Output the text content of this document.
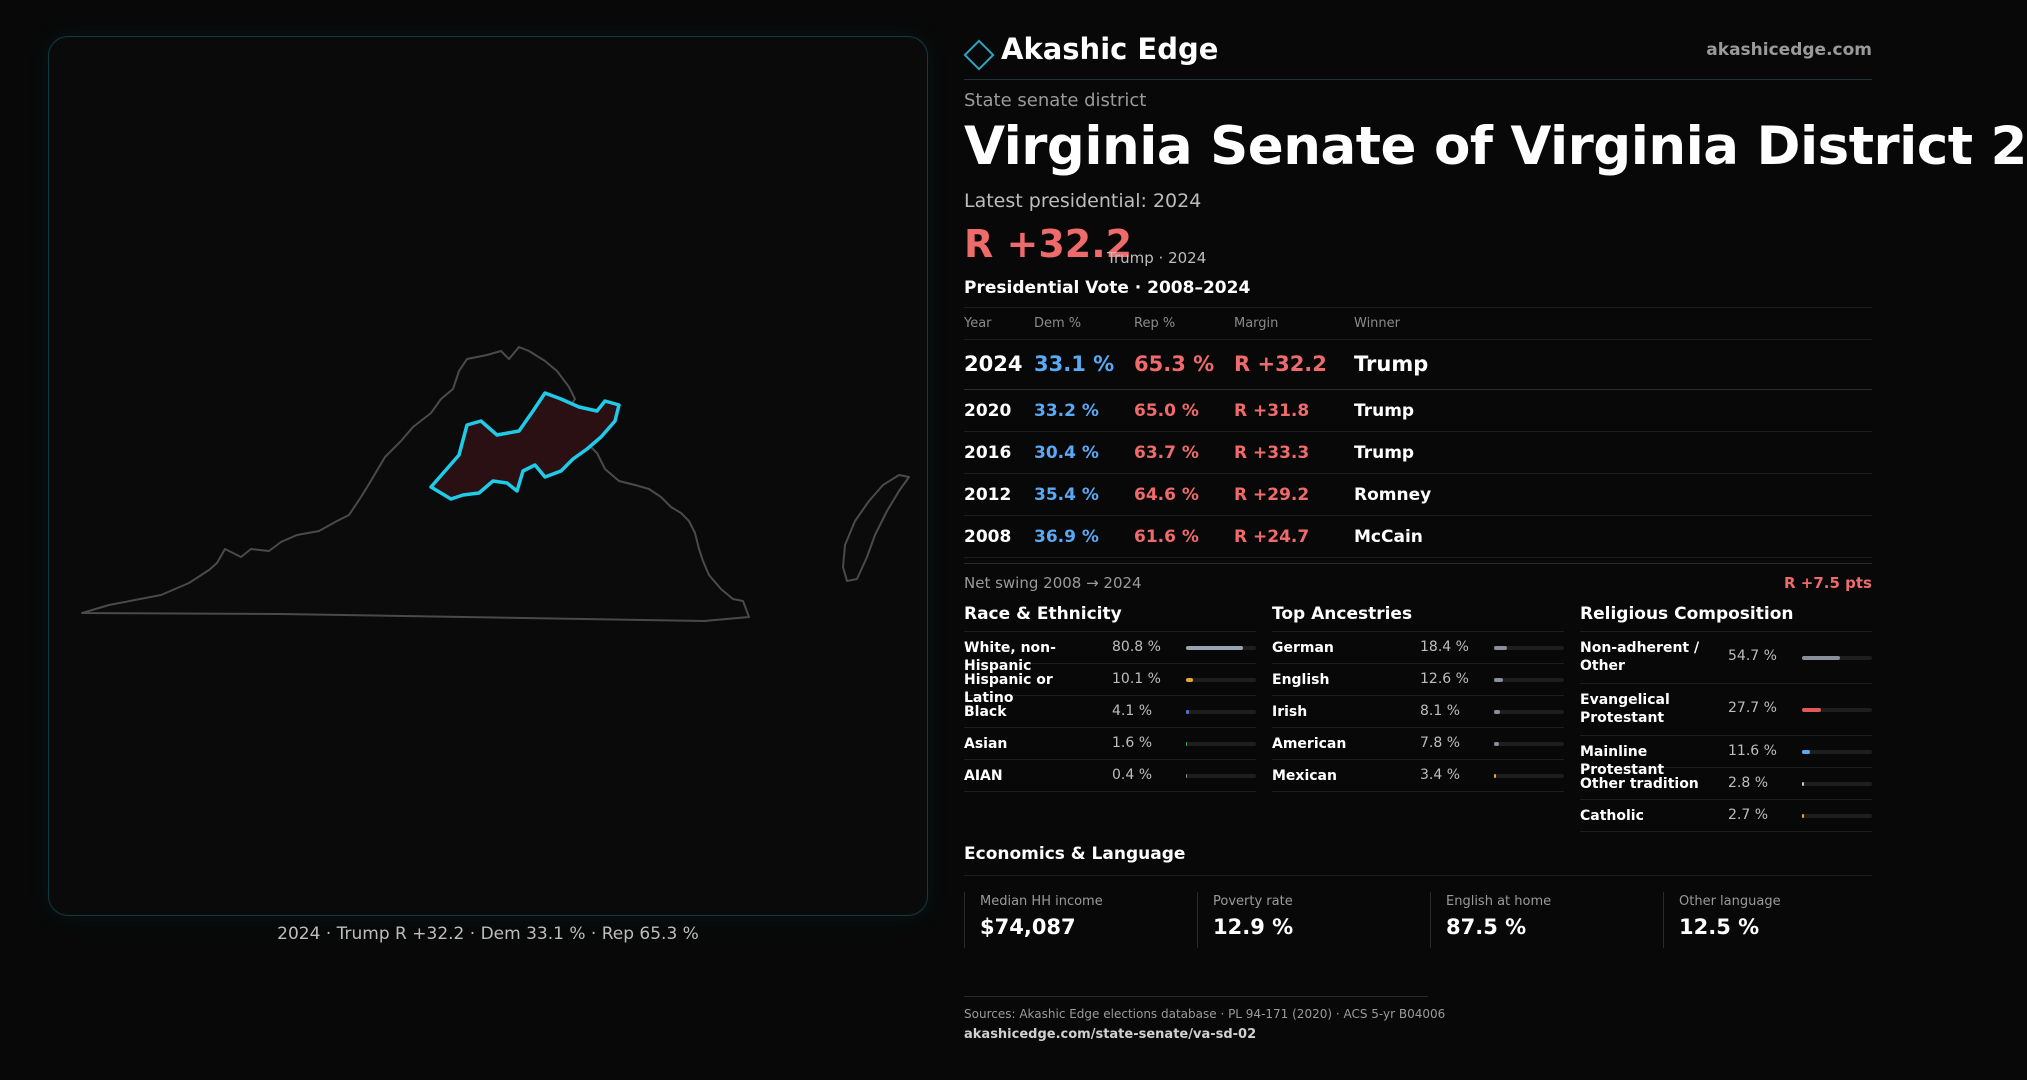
2024 · Trump R +32.2 · Dem 33.1 % · Rep 65.3 %
Akashic Edge	akashicedge.com
State senate district
Virginia Senate of Virginia District 2
Latest presidential: 2024
R +32.2
Trump · 2024
Presidential Vote · 2008–2024
Year	Dem %	Rep %	Margin	Winner
2024 33.1 % 65.3 % R +32.2 Trump
2020 33.2 % 65.0 % R +31.8	Trump
2016 30.4 % 63.7 % R +33.3	Trump
2012 35.4 % 64.6 % R +29.2	Romney
2008 36.9 % 61.6 % R +24.7	McCain
Net swing 2008 → 2024	R +7.5 pts
Race & Ethnicity
White, non-Hispanic
80.8 %
Hispanic or Latino
10.1 %
Black	4.1 %
Asian	1.6 %
AIAN	0.4 %
Top Ancestries
German	18.4 %
English	12.6 %
Irish	8.1 %
American	7.8 %
Mexican	3.4 %
Religious Composition
Non-adherent / Other
54.7 %
Evangelical Protestant
27.7 %
Mainline Protestant
11.6 %
Other tradition	2.8 %
Catholic	2.7 %
Economics & Language
Median HH income
$74,087
Poverty rate
12.9 %
English at home
87.5 %
Other language
12.5 %
Sources: Akashic Edge elections database · PL 94-171 (2020) · ACS 5-yr B04006
akashicedge.com/state-senate/va-sd-02
